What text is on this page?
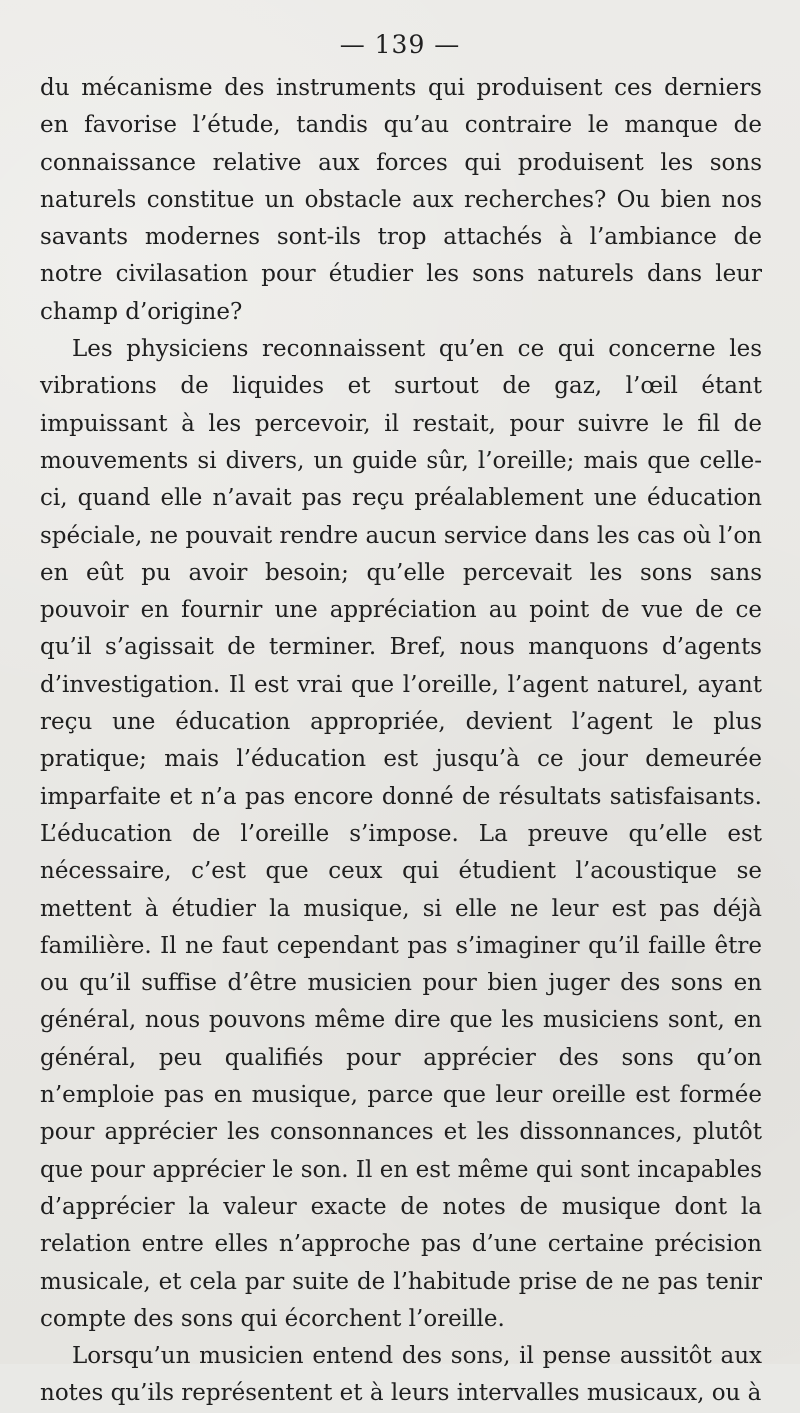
— 139 —

du mécanisme des instruments qui produisent ces derniers en favorise l’étude, tandis qu’au contraire le manque de connaissance relative aux forces qui produisent les sons naturels constitue un obstacle aux recherches? Ou bien nos savants modernes sont-ils trop attachés à l’ambiance de notre civilasation pour étudier les sons naturels dans leur champ d’origine?

Les physiciens reconnaissent qu’en ce qui concerne les vibrations de liquides et surtout de gaz, l’œil étant impuissant à les percevoir, il restait, pour suivre le fil de mouvements si divers, un guide sûr, l’oreille; mais que celle-ci, quand elle n’avait pas reçu préalablement une éducation spéciale, ne pouvait rendre aucun service dans les cas où l’on en eût pu avoir besoin; qu’elle percevait les sons sans pouvoir en fournir une appréciation au point de vue de ce qu’il s’agissait de terminer. Bref, nous manquons d’agents d’investigation. Il est vrai que l’oreille, l’agent naturel, ayant reçu une éducation appropriée, devient l’agent le plus pratique; mais l’éducation est jusqu’à ce jour demeurée imparfaite et n’a pas encore donné de résultats satisfaisants. L’éducation de l’oreille s’impose. La preuve qu’elle est nécessaire, c’est que ceux qui étudient l’acoustique se mettent à étudier la musique, si elle ne leur est pas déjà familière. Il ne faut cependant pas s’imaginer qu’il faille être ou qu’il suffise d’être musicien pour bien juger des sons en général, nous pouvons même dire que les musiciens sont, en général, peu qualifiés pour apprécier des sons qu’on n’emploie pas en musique, parce que leur oreille est formée pour apprécier les consonnances et les dissonnances, plutôt que pour apprécier le son. Il en est même qui sont incapables d’apprécier la valeur exacte de notes de musique dont la relation entre elles n’approche pas d’une certaine précision musicale, et cela par suite de l’habitude prise de ne pas tenir compte des sons qui écorchent l’oreille.

Lorsqu’un musicien entend des sons, il pense aussitôt aux notes qu’ils représentent et à leurs intervalles musicaux, ou à
